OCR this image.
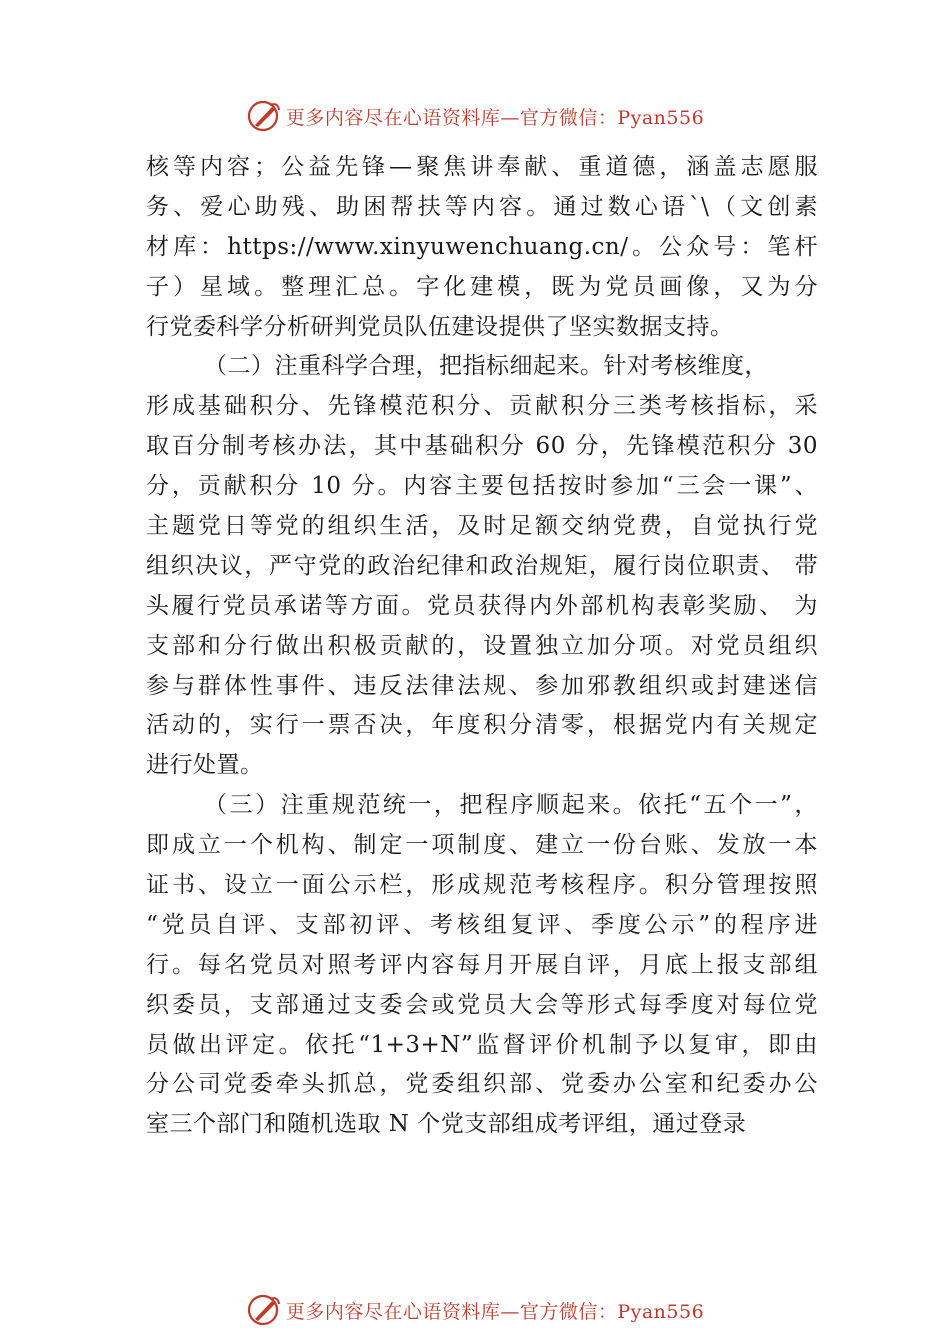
更多内容尽在心语资料库—官方微信：Pyan556
核等内容；公益先锋—聚焦讲奉献、重道德，涵盖志愿服
务、爱心助残、助困帮扶等内容。通过数心语`\（文创素
材库：https://www.xinyuwenchuang.cn/。公众号：笔杆
子）星域。整理汇总。字化建模，既为党员画像，又为分
行党委科学分析研判党员队伍建设提供了坚实数据支持。
（二）注重科学合理，把指标细起来。针对考核维度，
形成基础积分、先锋模范积分、贡献积分三类考核指标，采
取百分制考核办法，其中基础积分 60 分，先锋模范积分 30
分，贡献积分 10 分。内容主要包括按时参加“三会一课”、
主题党日等党的组织生活，及时足额交纳党费，自觉执行党
组织决议，严守党的政治纪律和政治规矩，履行岗位职责、 带
头履行党员承诺等方面。党员获得内外部机构表彰奖励、 为
支部和分行做出积极贡献的，设置独立加分项。对党员组织
参与群体性事件、违反法律法规、参加邪教组织或封建迷信
活动的，实行一票否决，年度积分清零，根据党内有关规定
进行处置。
（三）注重规范统一，把程序顺起来。依托“五个一”，
即成立一个机构、制定一项制度、建立一份台账、发放一本
证书、设立一面公示栏，形成规范考核程序。积分管理按照
“党员自评、支部初评、考核组复评、季度公示”的程序进
行。每名党员对照考评内容每月开展自评，月底上报支部组
织委员，支部通过支委会或党员大会等形式每季度对每位党
员做出评定。依托“1+3+N”监督评价机制予以复审，即由
分公司党委牵头抓总，党委组织部、党委办公室和纪委办公
室三个部门和随机选取 N 个党支部组成考评组，通过登录
更多内容尽在心语资料库—官方微信：Pyan556
